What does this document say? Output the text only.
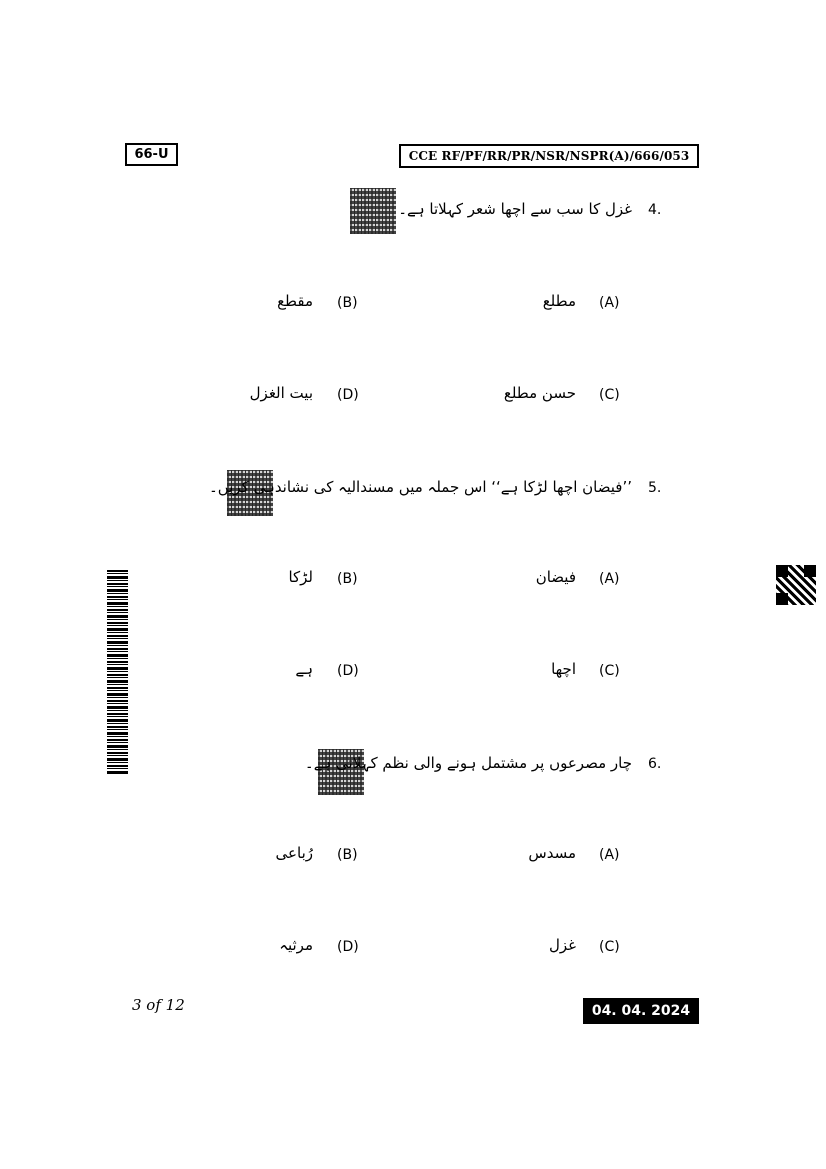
66-U	CCE RF/PF/RR/PR/NSR/NSPR(A)/666/053
4.
غزل کا سب سے اچھا شعر کہلاتا ہے۔
(A)
مطلع
(B)
مقطع
(C)
حسن مطلع
(D)
بیت الغزل
5.
’’فیضان اچھا لڑکا ہے‘‘ اس جملہ میں مسندالیہ کی نشاندہی کریں۔
(A)
فیضان
(B)
لڑکا
(C)
اچھا
(D)
ہے
6.
چار مصرعوں پر مشتمل ہونے والی نظم کہلاتی ہے۔
(A)
مسدس
(B)
رُباعی
(C)
غزل
(D)
مرثیہ
3 of 12	04. 04. 2024
